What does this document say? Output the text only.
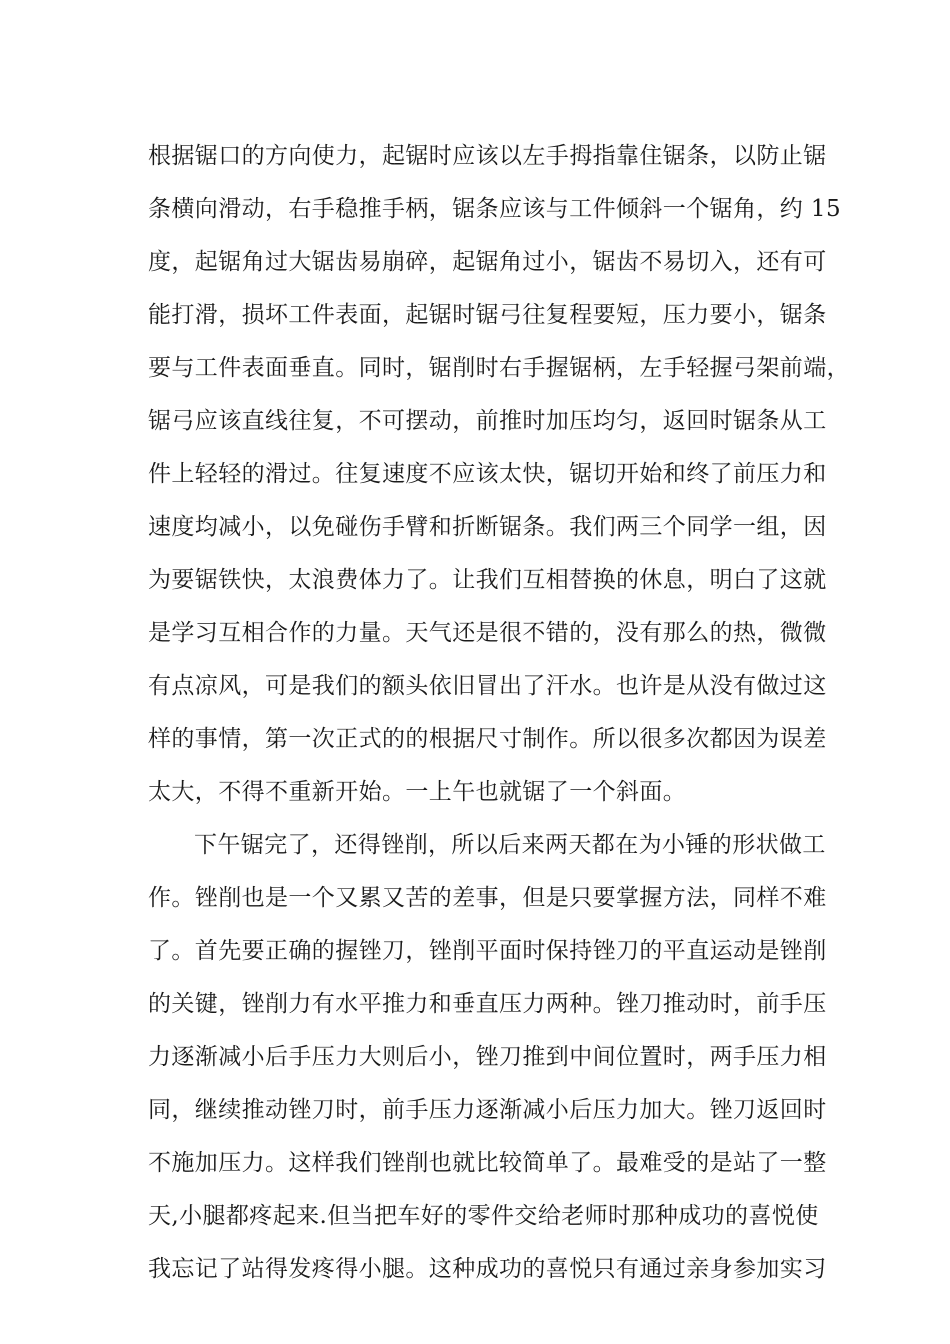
根据锯口的方向使力，起锯时应该以左手拇指靠住锯条，以防止锯
条横向滑动，右手稳推手柄，锯条应该与工件倾斜一个锯角，约 15
度，起锯角过大锯齿易崩碎，起锯角过小，锯齿不易切入，还有可
能打滑，损坏工件表面，起锯时锯弓往复程要短，压力要小，锯条
要与工件表面垂直。同时，锯削时右手握锯柄，左手轻握弓架前端，
锯弓应该直线往复，不可摆动，前推时加压均匀，返回时锯条从工
件上轻轻的滑过。往复速度不应该太快，锯切开始和终了前压力和
速度均减小，以免碰伤手臂和折断锯条。我们两三个同学一组，因
为要锯铁快，太浪费体力了。让我们互相替换的休息，明白了这就
是学习互相合作的力量。天气还是很不错的，没有那么的热，微微
有点凉风，可是我们的额头依旧冒出了汗水。也许是从没有做过这
样的事情，第一次正式的的根据尺寸制作。所以很多次都因为误差
太大，不得不重新开始。一上午也就锯了一个斜面。
下午锯完了，还得锉削，所以后来两天都在为小锤的形状做工
作。锉削也是一个又累又苦的差事，但是只要掌握方法，同样不难
了。首先要正确的握锉刀，锉削平面时保持锉刀的平直运动是锉削
的关键，锉削力有水平推力和垂直压力两种。锉刀推动时，前手压
力逐渐减小后手压力大则后小，锉刀推到中间位置时，两手压力相
同，继续推动锉刀时，前手压力逐渐减小后压力加大。锉刀返回时
不施加压力。这样我们锉削也就比较简单了。最难受的是站了一整
天,小腿都疼起来.但当把车好的零件交给老师时那种成功的喜悦使
我忘记了站得发疼得小腿。这种成功的喜悦只有通过亲身参加实习
